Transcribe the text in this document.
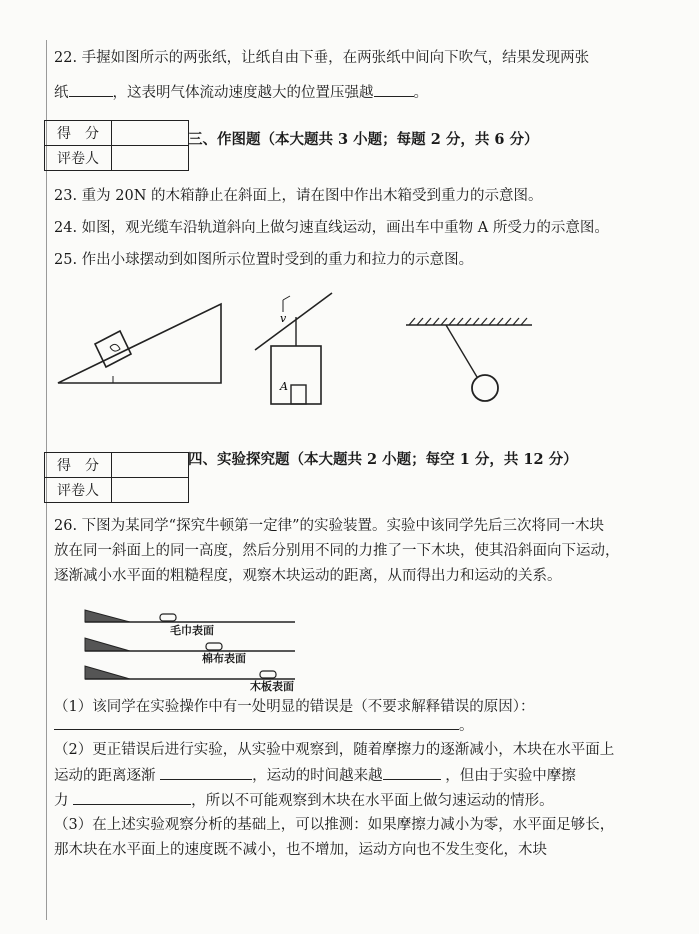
22. 手握如图所示的两张纸，让纸自由下垂，在两张纸中间向下吹气，结果发现两张
纸	，这表明气体流动速度越大的位置压强越	。
得　分	
评卷人	
三、作图题（本大题共 3 小题；每题 2 分，共 6 分）
23. 重为 20N 的木箱静止在斜面上，请在图中作出木箱受到重力的示意图。
24. 如图，观光缆车沿轨道斜向上做匀速直线运动，画出车中重物 A 所受力的示意图。
25. 作出小球摆动到如图所示位置时受到的重力和拉力的示意图。
v
A
毛巾表面
棉布表面
木板表面
得　分	
评卷人	
四、实验探究题（本大题共 2 小题；每空 1 分，共 12 分）
26. 下图为某同学“探究牛顿第一定律”的实验装置。实验中该同学先后三次将同一木块
放在同一斜面上的同一高度，然后分别用不同的力推了一下木块，使其沿斜面向下运动，
逐渐减小水平面的粗糙程度，观察木块运动的距离，从而得出力和运动的关系。
（1）该同学在实验操作中有一处明显的错误是（不要求解释错误的原因）：
。
（2）更正错误后进行实验，从实验中观察到，随着摩擦力的逐渐减小，木块在水平面上
运动的距离逐渐	，运动的时间越来越	，但由于实验中摩擦
力	，所以不可能观察到木块在水平面上做匀速运动的情形。
（3）在上述实验观察分析的基础上，可以推测：如果摩擦力减小为零，水平面足够长，
那木块在水平面上的速度既不减小，也不增加，运动方向也不发生变化，木块
